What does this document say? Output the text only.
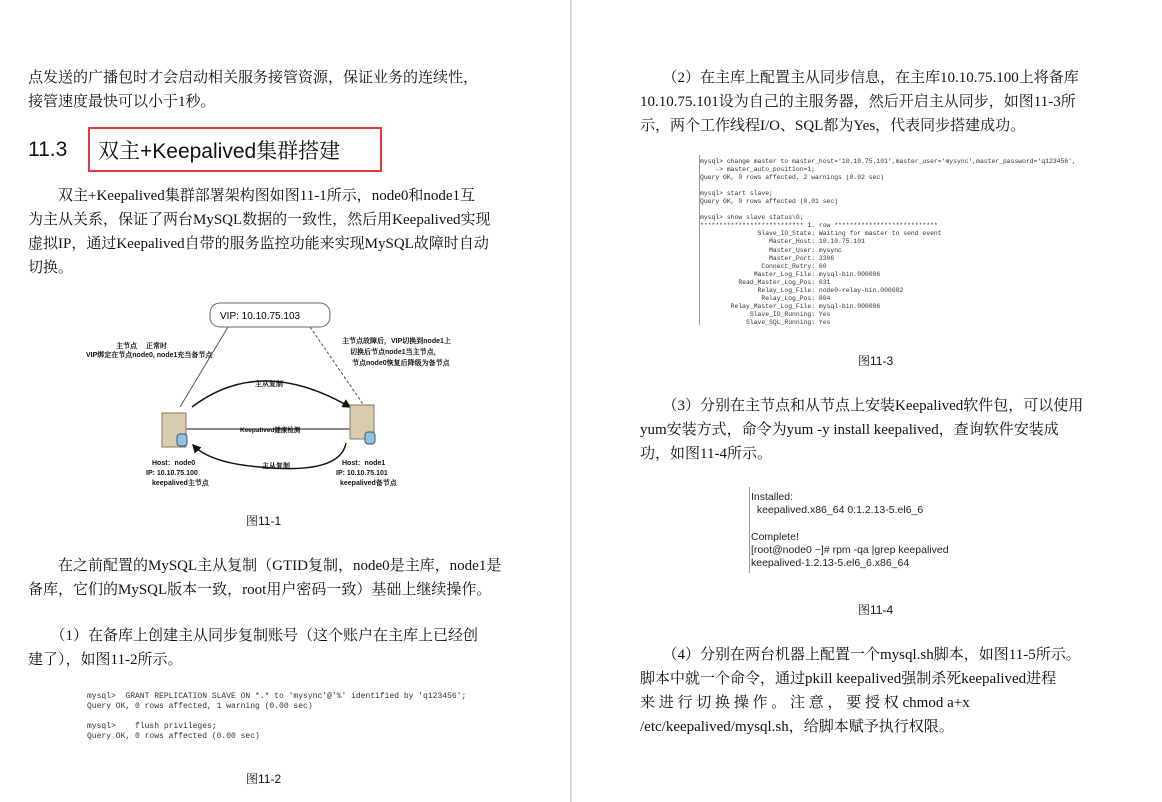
点发送的广播包时才会启动相关服务接管资源，保证业务的连续性，
接管速度最快可以小于1秒。
11.3	双主+Keepalived集群搭建
　　双主+Keepalived集群部署架构图如图11-1所示，node0和node1互
为主从关系，保证了两台MySQL数据的一致性，然后用Keepalived实现
虚拟IP，通过Keepalived自带的服务监控功能来实现MySQL故障时自动
切换。
VIP: 10.10.75.103
主节点　 正常时
VIP绑定在节点node0, node1充当备节点
主节点故障后，VIP切换到node1上
切换后节点node1当主节点，
节点node0恢复后降级为备节点
主从复制
Keepalived健康检测
主从复制
Host：node0
IP: 10.10.75.100
keepalived主节点
Host：node1
IP: 10.10.75.101
keepalived备节点
图11-1
　　在之前配置的MySQL主从复制（GTID复制，node0是主库，node1是
备库，它们的MySQL版本一致，root用户密码一致）基础上继续操作。
　　（1）在备库上创建主从同步复制账号（这个账户在主库上已经创
建了），如图11-2所示。
mysql>  GRANT REPLICATION SLAVE ON *.* to 'mysync'@'%' identified by 'q123456';
Query OK, 0 rows affected, 1 warning (0.00 sec)

mysql>    flush privileges;
Query OK, 0 rows affected (0.00 sec)
图11-2
　　（2）在主库上配置主从同步信息，在主库10.10.75.100上将备库
10.10.75.101设为自己的主服务器，然后开启主从同步，如图11-3所
示，两个工作线程I/O、SQL都为Yes，代表同步搭建成功。
mysql> change master to master_host='10.10.75.101',master_user='mysync',master_password='q123456',
-> master_auto_position=1;
Query OK, 0 rows affected, 2 warnings (0.02 sec)

mysql> start slave;
Query OK, 0 rows affected (0.01 sec)

mysql> show slave status\G;
*************************** 1. row ***************************
Slave_IO_State: Waiting for master to send event
Master_Host: 10.10.75.101
Master_User: mysync
Master_Port: 3306
Connect_Retry: 60
Master_Log_File: mysql-bin.000006
Read_Master_Log_Pos: 631
Relay_Log_File: node0-relay-bin.000002
Relay_Log_Pos: 804
Relay_Master_Log_File: mysql-bin.000006
Slave_IO_Running: Yes
Slave_SQL_Running: Yes
图11-3
　　（3）分别在主节点和从节点上安装Keepalived软件包，可以使用
yum安装方式，命令为yum -y install keepalived，查询软件安装成
功，如图11-4所示。
Installed:
keepalived.x86_64 0:1.2.13-5.el6_6

Complete!
[root@node0 ~]# rpm -qa |grep keepalived
keepalived-1.2.13-5.el6_6.x86_64
图11-4
　　（4）分别在两台机器上配置一个mysql.sh脚本，如图11-5所示。
脚本中就一个命令，通过pkill keepalived强制杀死keepalived进程
来 进 行 切 换 操 作 。 注 意 ， 要 授 权 chmod a+x
/etc/keepalived/mysql.sh，给脚本赋予执行权限。
